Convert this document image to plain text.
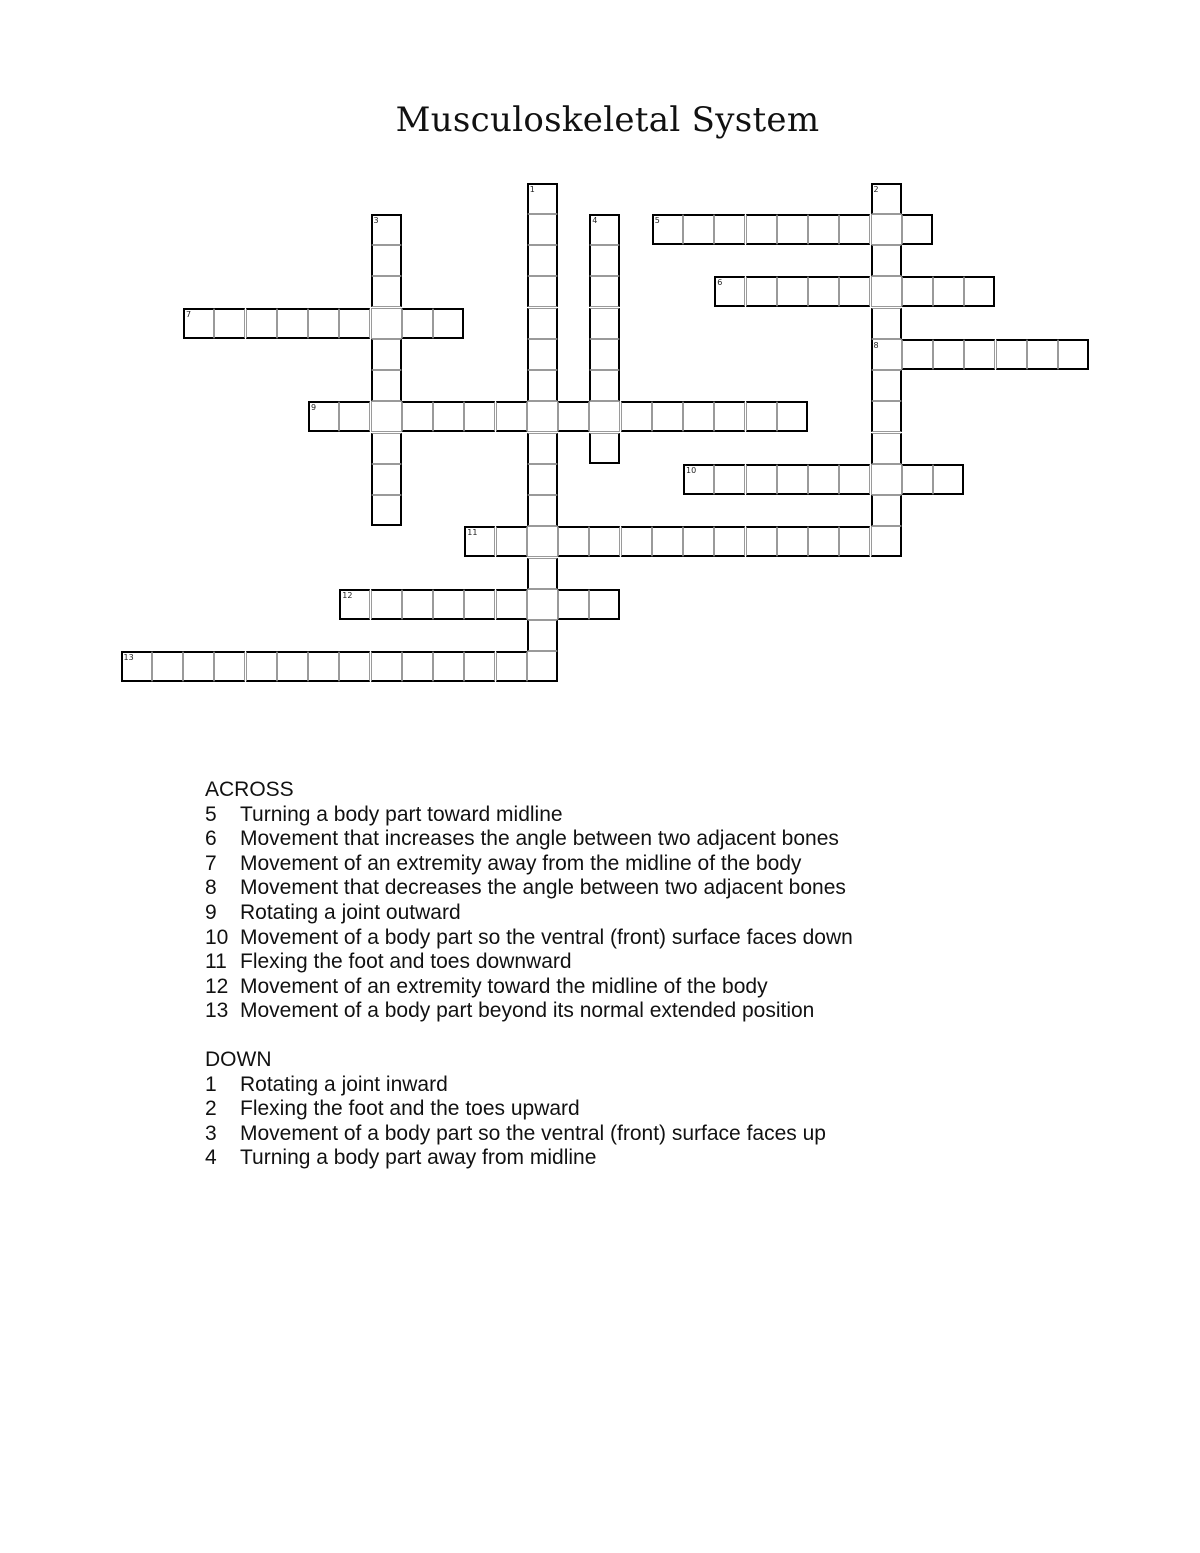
Musculoskeletal System
5
6
7
8
9
10
11
12
13
1	2
3	4
ACROSS
5	Turning a body part toward midline
6	Movement that increases the angle between two adjacent bones
7	Movement of an extremity away from the midline of the body
8	Movement that decreases the angle between two adjacent bones
9	Rotating a joint outward
10 Movement of a body part so the ventral (front) surface faces down
11 Flexing the foot and toes downward
12 Movement of an extremity toward the midline of the body
13 Movement of a body part beyond its normal extended position
DOWN
1	Rotating a joint inward
2	Flexing the foot and the toes upward
3	Movement of a body part so the ventral (front) surface faces up
4	Turning a body part away from midline
